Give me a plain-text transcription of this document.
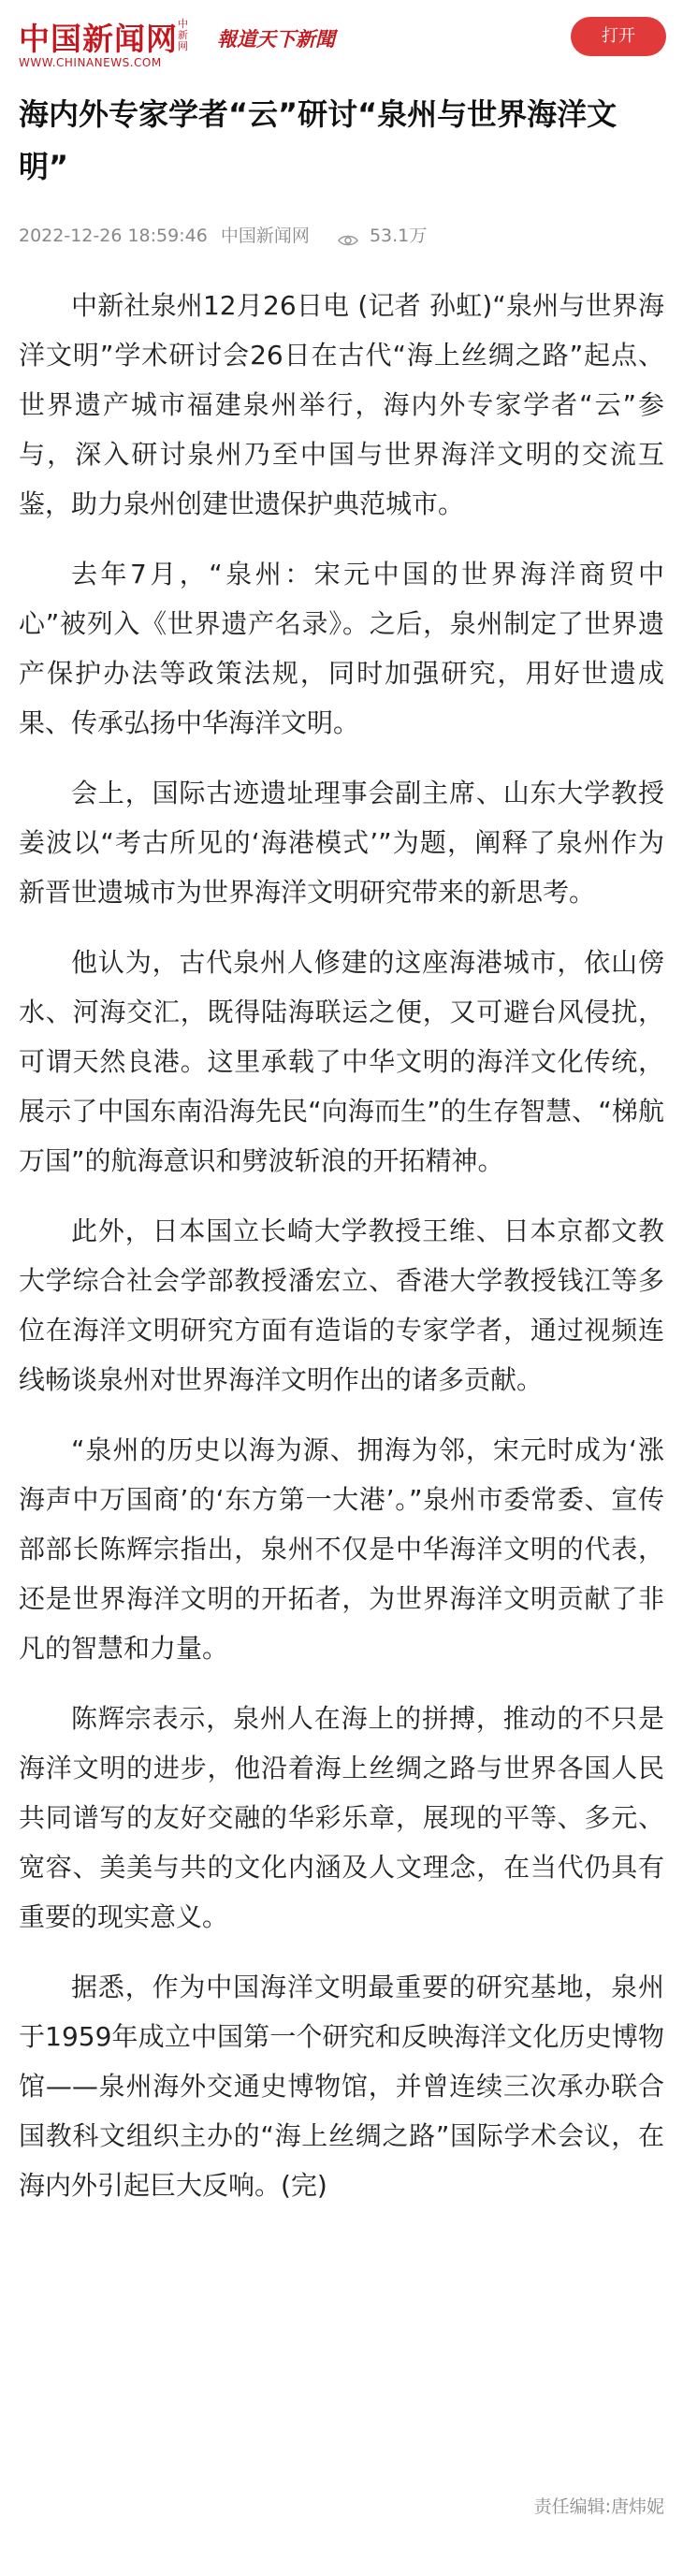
中国新闻网 中新网
WWW.CHINANEWS.COM
報道天下新聞	打开
海内外专家学者“云”研讨“泉州与世界海洋文明”
2022-12-26 18:59:46 中国新闻网	53.1万

中新社泉州12月26日电 (记者 孙虹)“泉州与世界海洋文明”学术研讨会26日在古代“海上丝绸之路”起点、世界遗产城市福建泉州举行，海内外专家学者“云”参与，深入研讨泉州乃至中国与世界海洋文明的交流互鉴，助力泉州创建世遗保护典范城市。

去年7月，“泉州：宋元中国的世界海洋商贸中心”被列入《世界遗产名录》。之后，泉州制定了世界遗产保护办法等政策法规，同时加强研究，用好世遗成果、传承弘扬中华海洋文明。

会上，国际古迹遗址理事会副主席、山东大学教授姜波以“考古所见的‘海港模式’”为题，阐释了泉州作为新晋世遗城市为世界海洋文明研究带来的新思考。

他认为，古代泉州人修建的这座海港城市，依山傍水、河海交汇，既得陆海联运之便，又可避台风侵扰，可谓天然良港。这里承载了中华文明的海洋文化传统，展示了中国东南沿海先民“向海而生”的生存智慧、“梯航万国”的航海意识和劈波斩浪的开拓精神。

此外，日本国立长崎大学教授王维、日本京都文教大学综合社会学部教授潘宏立、香港大学教授钱江等多位在海洋文明研究方面有造诣的专家学者，通过视频连线畅谈泉州对世界海洋文明作出的诸多贡献。

“泉州的历史以海为源、拥海为邻，宋元时成为‘涨海声中万国商’的‘东方第一大港’。”泉州市委常委、宣传部部长陈辉宗指出，泉州不仅是中华海洋文明的代表，还是世界海洋文明的开拓者，为世界海洋文明贡献了非凡的智慧和力量。

陈辉宗表示，泉州人在海上的拼搏，推动的不只是海洋文明的进步，他沿着海上丝绸之路与世界各国人民共同谱写的友好交融的华彩乐章，展现的平等、多元、宽容、美美与共的文化内涵及人文理念，在当代仍具有重要的现实意义。

据悉，作为中国海洋文明最重要的研究基地，泉州于1959年成立中国第一个研究和反映海洋文化历史博物馆——泉州海外交通史博物馆，并曾连续三次承办联合国教科文组织主办的“海上丝绸之路”国际学术会议，在海内外引起巨大反响。(完)

责任编辑:唐炜妮
